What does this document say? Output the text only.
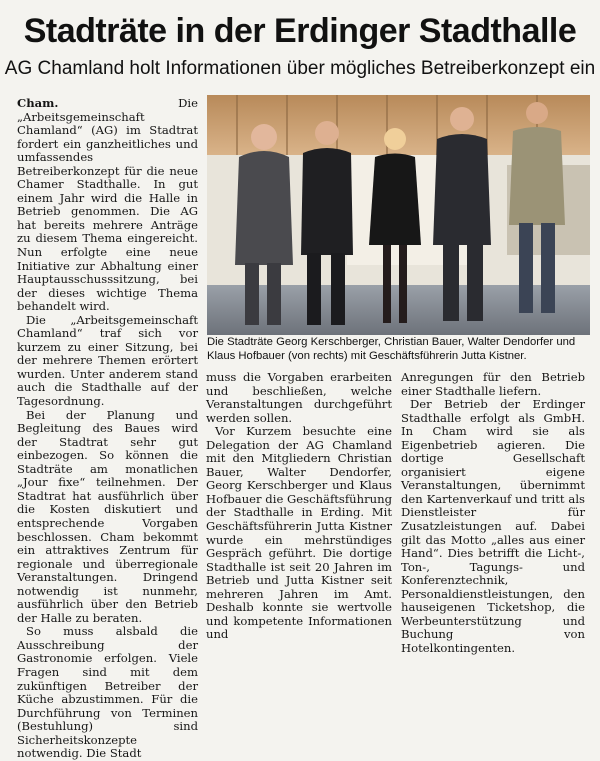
Stadträte in der Erdinger Stadthalle
AG Chamland holt Informationen über mögliches Betreiberkonzept ein

Cham.	Die „Arbeitsgemeinschaft Chamland“ (AG) im Stadtrat fordert ein ganzheitliches und umfassendes Betreiberkonzept für die neue Chamer Stadthalle. In gut einem Jahr wird die Halle in Betrieb genommen. Die AG hat bereits mehrere Anträge zu diesem Thema eingereicht. Nun erfolgte eine neue Initiative zur Abhaltung einer Hauptausschusssitzung, bei der dieses wichtige Thema behandelt wird.

Die „Arbeitsgemeinschaft Chamland“ traf sich vor kurzem zu einer Sitzung, bei der mehrere Themen erörtert wurden. Unter anderem stand auch die Stadthalle auf der Tagesordnung.

Bei der Planung und Begleitung des Baues wird der Stadtrat sehr gut einbezogen. So können die Stadträte am monatlichen „Jour fixe“ teilnehmen. Der Stadtrat hat ausführlich über die Kosten diskutiert und entsprechende Vorgaben beschlossen. Cham bekommt ein attraktives Zentrum für regionale und überregionale Veranstaltungen. Dringend notwendig ist nunmehr, ausführlich über den Betrieb der Halle zu beraten.

So muss alsbald die Ausschreibung der Gastronomie erfolgen. Viele Fragen sind mit dem zukünftigen Betreiber der Küche abzustimmen. Für die Durchführung von Terminen (Bestuhlung) sind Sicherheitskonzepte notwendig. Die Stadt

Die Stadträte Georg Kerschberger, Christian Bauer, Walter Dendorfer und Klaus Hofbauer (von rechts) mit Geschäftsführerin Jutta Kistner.

muss die Vorgaben erarbeiten und beschließen, welche Veranstaltungen durchgeführt werden sollen.

Vor Kurzem besuchte eine Delegation der AG Chamland mit den Mitgliedern Christian Bauer, Walter Dendorfer, Georg Kerschberger und Klaus Hofbauer die Geschäftsführung der Stadthalle in Erding. Mit Geschäftsführerin Jutta Kistner wurde ein mehrstündiges Gespräch geführt. Die dortige Stadthalle ist seit 20 Jahren im Betrieb und Jutta Kistner seit mehreren Jahren im Amt. Deshalb konnte sie wertvolle und kompetente Informationen und

Anregungen für den Betrieb einer Stadthalle liefern.

Der Betrieb der Erdinger Stadthalle erfolgt als GmbH. In Cham wird sie als Eigenbetrieb agieren. Die dortige Gesellschaft organisiert eigene Veranstaltungen, übernimmt den Kartenverkauf und tritt als Dienstleister für Zusatzleistungen auf. Dabei gilt das Motto „alles aus einer Hand“. Dies betrifft die Licht-, Ton-, Tagungs- und Konferenztechnik, Personaldienstleistungen, den hauseigenen Ticketshop, die Werbeunterstützung und Buchung von Hotelkontingenten.
